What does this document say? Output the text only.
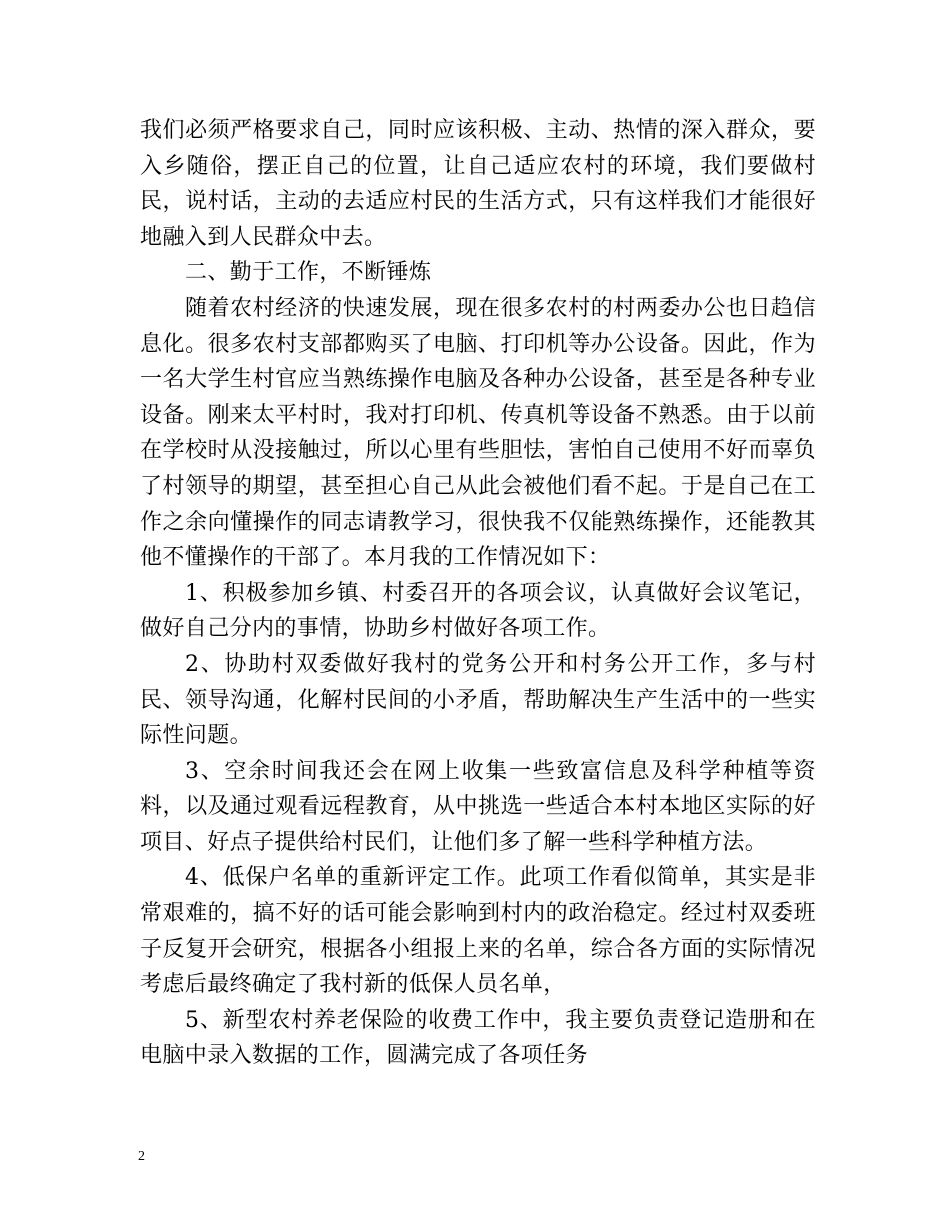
我们必须严格要求自己，同时应该积极、主动、热情的深入群众，要入乡随俗，摆正自己的位置，让自己适应农村的环境，我们要做村民，说村话，主动的去适应村民的生活方式，只有这样我们才能很好地融入到人民群众中去。

二、勤于工作，不断锤炼

随着农村经济的快速发展，现在很多农村的村两委办公也日趋信息化。很多农村支部都购买了电脑、打印机等办公设备。因此，作为一名大学生村官应当熟练操作电脑及各种办公设备，甚至是各种专业设备。刚来太平村时，我对打印机、传真机等设备不熟悉。由于以前在学校时从没接触过，所以心里有些胆怯，害怕自己使用不好而辜负了村领导的期望，甚至担心自己从此会被他们看不起。于是自己在工作之余向懂操作的同志请教学习，很快我不仅能熟练操作，还能教其他不懂操作的干部了。本月我的工作情况如下：

1、积极参加乡镇、村委召开的各项会议，认真做好会议笔记，做好自己分内的事情，协助乡村做好各项工作。

2、协助村双委做好我村的党务公开和村务公开工作，多与村民、领导沟通，化解村民间的小矛盾，帮助解决生产生活中的一些实际性问题。

3、空余时间我还会在网上收集一些致富信息及科学种植等资料，以及通过观看远程教育，从中挑选一些适合本村本地区实际的好项目、好点子提供给村民们，让他们多了解一些科学种植方法。

4、低保户名单的重新评定工作。此项工作看似简单，其实是非常艰难的，搞不好的话可能会影响到村内的政治稳定。经过村双委班子反复开会研究，根据各小组报上来的名单，综合各方面的实际情况考虑后最终确定了我村新的低保人员名单，

5、新型农村养老保险的收费工作中，我主要负责登记造册和在电脑中录入数据的工作，圆满完成了各项任务

2
